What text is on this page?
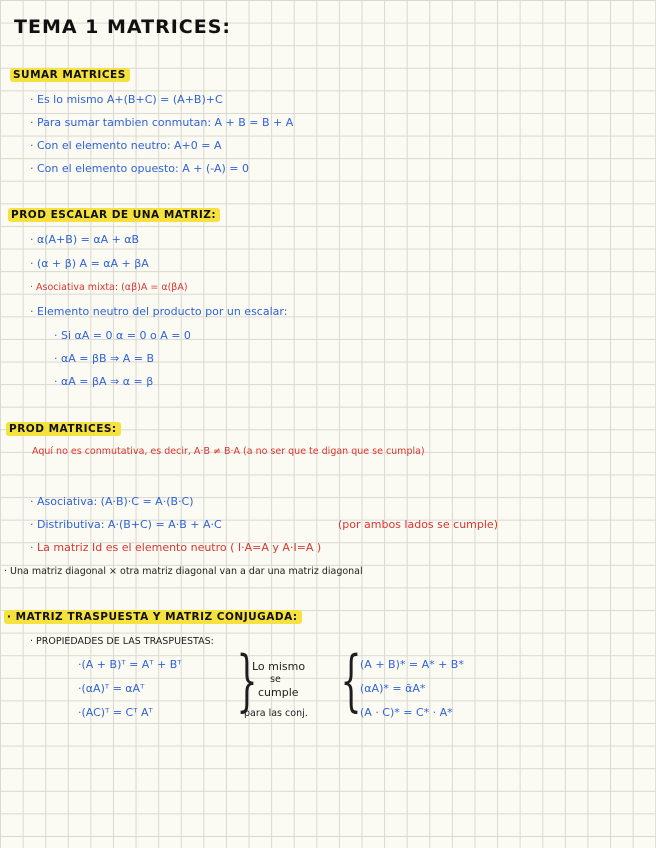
TEMA 1 MATRICES:
SUMAR MATRICES
· Es lo mismo A+(B+C) = (A+B)+C
· Para sumar tambien conmutan: A + B = B + A
· Con el elemento neutro: A+0 = A
· Con el elemento opuesto: A + (-A) = 0
PROD ESCALAR DE UNA MATRIZ:
· α(A+B) = αA + αB
· (α + β) A = αA + βA
· Asociativa mixta: (αβ)A = α(βA)
· Elemento neutro del producto por un escalar:
· Si αA = 0 α = 0 o A = 0
· αA = βB ⇒ A = B
· αA = βA ⇒ α = β
PROD MATRICES:
Aquí no es conmutativa, es decir, A·B ≠ B·A (a no ser que te digan que se cumpla)
· Asociativa: (A·B)·C = A·(B·C)
· Distributiva: A·(B+C) = A·B + A·C	(por ambos lados se cumple)
· La matriz Id es el elemento neutro ( I·A=A y A·I=A )
· Una matriz diagonal × otra matriz diagonal van a dar una matriz diagonal
· MATRIZ TRASPUESTA Y MATRIZ CONJUGADA:
· PROPIEDADES DE LAS TRASPUESTAS:
·(A + B)ᵀ = Aᵀ + Bᵀ
·(αA)ᵀ = αAᵀ
·(AC)ᵀ = Cᵀ Aᵀ }
Lo mismo
se
cumple
para las conj. {
(A + B)* = A* + B*
(αA)* = ᾱA*
(A · C)* = C* · A*
